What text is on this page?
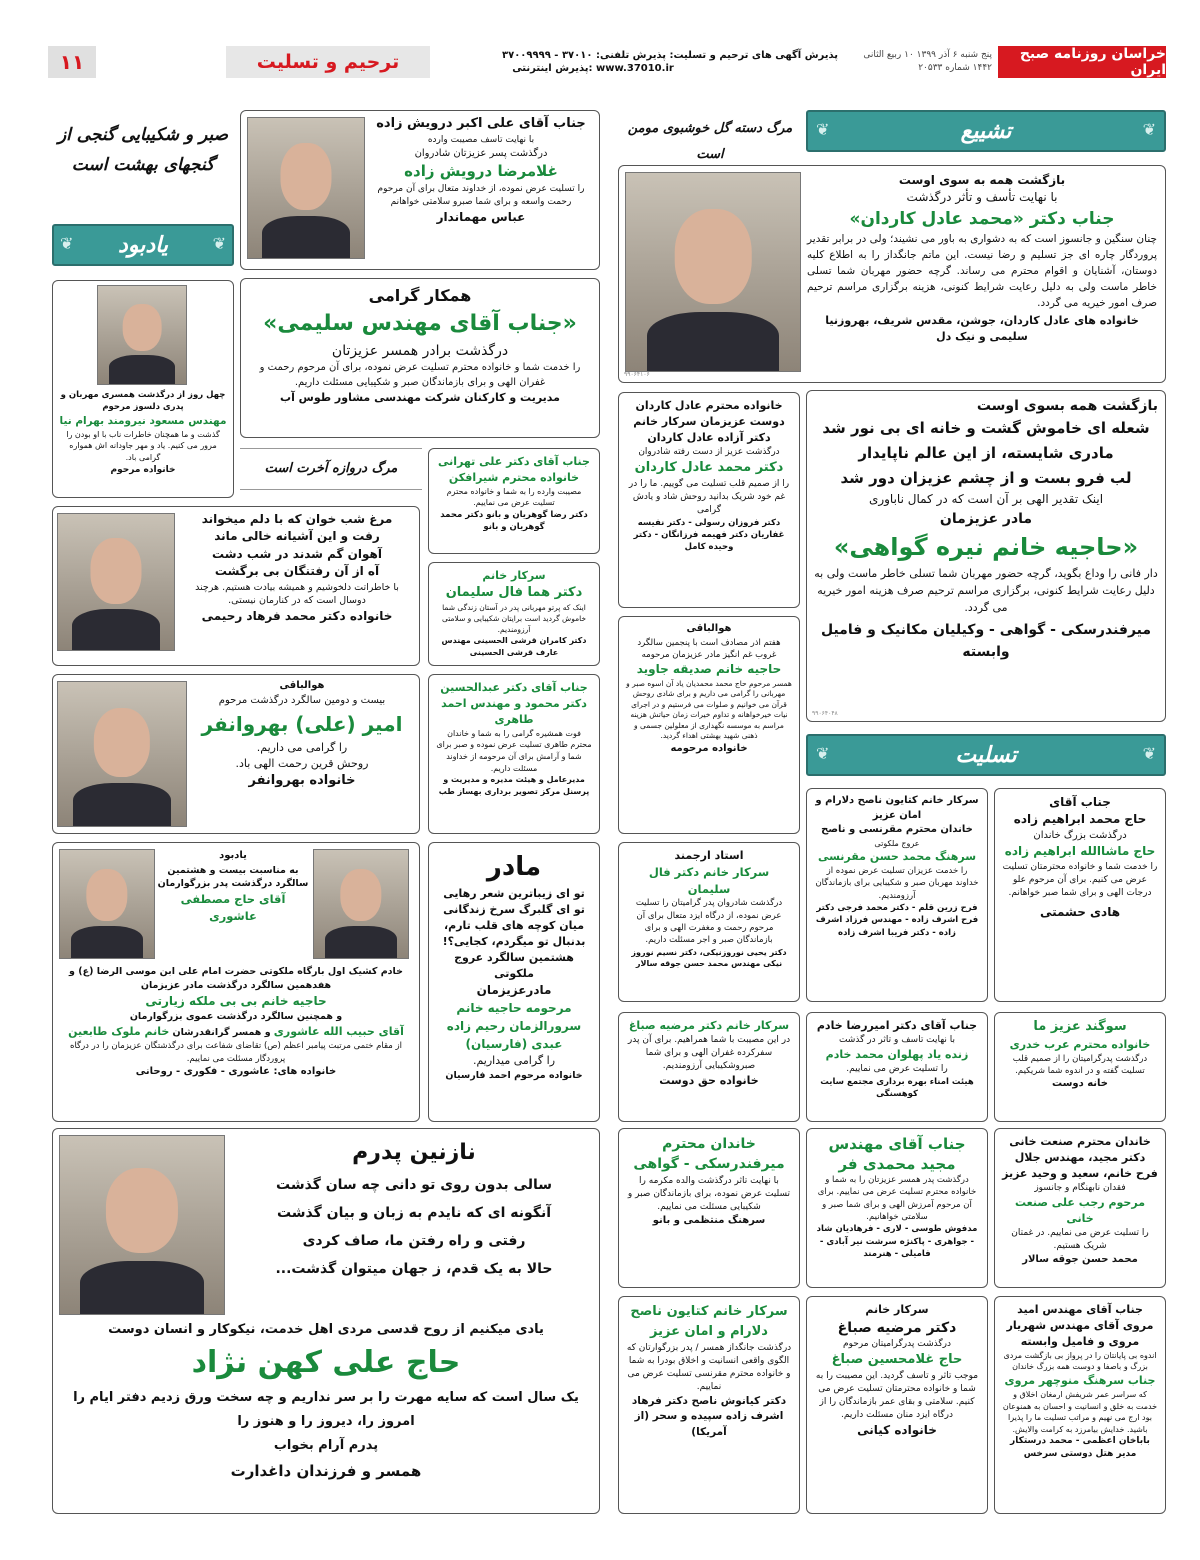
خراسان روزنامه صبح ایران
پنج شنبه ۶ آذر ۱۳۹۹ ۱۰ ربیع الثانی ۱۴۴۲ شماره ۲۰۵۳۳
پذیرش آگهی های ترحیم و تسلیت: پذیرش تلفنی: ۳۷۰۱۰ - ۳۷۰۰۹۹۹۹
پذیرش اینترنتی: www.37010.ir
ترحیم و تسلیت
۱۱
❦	تشییع	❦
مرگ دسته گل خوشبوی مومن است

بازگشت همه به سوی اوست

با نهایت تأسف و تأثر درگذشت

جناب دکتر «محمد عادل کاردان»

چنان سنگین و جانسوز است که به دشواری به باور می نشیند؛ ولی در برابر تقدیر پروردگار چاره ای جز تسلیم و رضا نیست. این ماتم جانگداز را به اطلاع کلیه دوستان، آشنایان و اقوام محترم می رساند. گرچه حضور مهربان شما تسلی خاطر ماست ولی به دلیل رعایت شرایط کنونی، هزینه برگزاری مراسم ترحیم صرف امور خیریه می گردد.

خانواده های عادل کاردان، جوشن، مقدس شریف، بهروزنیا سلیمی و نیک دل

۹۹۰۶۴۱۰۶

بازگشت همه بسوی اوست

شعله ای خاموش گشت و خانه ای بی نور شد

مادری شایسته، از این عالم ناپایدار

لب فرو بست و از چشم عزیزان دور شد

اینک تقدیر الهی بر آن است که در کمال ناباوری

مادر عزیزمان

«حاجیه خانم نیره گواهی»

دار فانی را وداع بگوید، گرچه حضور مهربان شما تسلی خاطر ماست ولی به دلیل رعایت شرایط کنونی، برگزاری مراسم ترحیم صرف هزینه امور خیریه می گردد.

میرفندرسکی - گواهی - وکیلیان مکانیک و فامیل وابسته

۹۹۰۶۴۰۴۸
❦	تسلیت	❦

جناب آقای

حاج محمد ابراهیم زاده

درگذشت بزرگ خاندان

حاج ماشاالله ابراهیم زاده

را خدمت شما و خانواده محترمتان تسلیت عرض می کنیم. برای آن مرحوم علو درجات الهی و برای شما صبر خواهانم.

هادی حشمتی

سرکار خانم کتایون ناصح دلارام و امان عزیز

خاندان محترم مقرنسی و ناصح

عروج ملکوتی

سرهنگ محمد حسن مقرنسی

را خدمت عزیزان تسلیت عرض نموده از خداوند مهربان صبر و شکیبایی برای بازماندگان آرزومندیم.

فرح زرین قلم - دکتر محمد فرجی دکتر فرح اشرف زاده - مهندس فرزاد اشرف زاده - دکتر فریبا اشرف زاده

سوگند عزیز ما

خانواده محترم عرب خدری

درگذشت پدرگرامیتان را از صمیم قلب تسلیت گفته و در اندوه شما شریکیم.

خانه دوست

جناب آقای دکتر امیررضا خادم

با نهایت تاسف و تاثر در گذشت

زنده یاد پهلوان محمد خادم

را تسلیت عرض می نماییم.

هیئت امناء بهره برداری مجتمع سایت کوهسنگی

خاندان محترم صنعت خانی

دکتر مجید، مهندس جلال فرح خانم، سعید و وحید عزیز

فقدان نابهنگام و جانسوز

مرحوم رجب علی صنعت خانی

را تسلیت عرض می نماییم. در غمتان شریک هستیم.

محمد حسن جوقه سالار

جناب آقای مهندس مجید محمدی فر

درگذشت پدر همسر عزیزتان را به شما و خانواده محترم تسلیت عرض می نماییم. برای آن مرحوم آمرزش الهی و برای شما صبر و سلامتی خواهانیم.

مدفوش طوسی - لاری - فرهادیان شاد - جواهری - پاکنژه سرشت نیر آبادی - فامیلی - هنرمند

جناب آقای مهندس امید مروی آقای مهندس شهریار مروی و فامیل وابسته

اندوه بی پایانتان را در پرواز بی بازگشت مردی بزرگ و باصفا و دوست همه بزرگ خاندان

جناب سرهنگ منوچهر مروی

که سراسر عمر شریفش ارمغان اخلاق و خدمت به خلق و انسانیت و احسان به همنوعان بود ارج می نهیم و مراتب تسلیت ما را پذیرا باشید. خدایش بیامرزد به کرامت والایش.

باباخان اعظمی - محمد درستکار مدیر هتل دوستی سرخس

سرکار خانم

دکتر مرضیه صباغ

درگذشت پدرگرامیتان مرحوم

حاج غلامحسین صباغ

موجب تاثر و تاسف گردید. این مصیبت را به شما و خانواده محترمتان تسلیت عرض می کنیم. سلامتی و بقای عمر بازماندگان را از درگاه ایزد منان مسئلت داریم.

خانواده کیانی

خانواده محترم عادل کاردان

دوست عزیزمان سرکار خانم دکتر آزاده عادل کاردان

درگذشت عزیز از دست رفته شادروان

دکتر محمد عادل کاردان

را از صمیم قلب تسلیت می گوییم. ما را در غم خود شریک بدانید روحش شاد و یادش گرامی

دکتر فروزان رسولی - دکتر نفیسه غفاریان دکتر فهیمه فرزانگان - دکتر وحیده کامل

هوالباقی

هفتم اذر مصادف است با پنجمین سالگرد غروب غم انگیز مادر عزیزمان مرحومه

حاجیه خانم صدیقه جاوید

همسر مرحوم حاج محمد محمدیان یاد آن اسوه صبر و مهربانی را گرامی می داریم و برای شادی روحش قرآن می خوانیم و صلوات می فرستیم و در اجرای نیات خیرخواهانه و تداوم خیرات زمان حیاتش هزینه مراسم به موسسه نگهداری از معلولین جسمی و ذهنی شهید بهشتی اهداء گردید.

خانواده مرحومه

استاد ارجمند

سرکار خانم دکتر فال سلیمان

درگذشت شادروان پدر گرامیتان را تسلیت عرض نموده، از درگاه ایزد متعال برای آن مرحوم رحمت و مغفرت الهی و برای بازماندگان صبر و اجر مسئلت داریم.

دکتر یحیی نوروزنیکی، دکتر نسیم نوروز نیکی مهندس محمد حسن جوقه سالار

سرکار خانم دکتر مرضیه صباغ

در این مصیبت با شما همراهیم. برای آن پدر سفرکرده غفران الهی و برای شما صبروشکیبایی آرزومندیم.

خانواده حق دوست

خاندان محترم

میرفندرسکی - گواهی

با نهایت تاثر درگذشت والده مکرمه را تسلیت عرض نموده، برای بازماندگان صبر و شکیبایی مسئلت می نماییم.

سرهنگ منتظمی و بانو

سرکار خانم کتایون ناصح دلارام و امان عزیز

درگذشت جانگداز همسر / پدر بزرگوارتان که الگوی واقعی انسانیت و اخلاق بودرا به شما و خانواده محترم مقرنسی تسلیت عرض می نماییم.

دکتر کیانوش ناصح دکتر فرهاد اشرف زاده سپیده و سحر (از آمریکا)

جناب آقای علی اکبر درویش زاده

با نهایت تاسف مصیبت وارده

درگذشت پسر عزیزتان شادروان

غلامرضا درویش زاده

را تسلیت عرض نموده، از خداوند متعال برای آن مرحوم رحمت واسعه و برای شما صبرو سلامتی خواهانم

عباس مهماندار

همکار گرامی

«جناب آقای مهندس سلیمی»

درگذشت برادر همسر عزیزتان

را خدمت شما و خانواده محترم تسلیت عرض نموده، برای آن مرحوم رحمت و غفران الهی و برای بازماندگان صبر و شکیبایی مسئلت داریم.

مدیریت و کارکنان شرکت مهندسی مشاور طوس آب

مرگ دروازه آخرت است	جناب آقای دکتر علی تهرانی

خانواده محترم شیرافکن

مصیبت وارده را به شما و خانواده محترم تسلیت عرض می نماییم.

دکتر رضا گوهریان و بانو دکتر محمد گوهریان و بانو

سرکار خانم

دکتر هما فال سلیمان

اینک که پرتو مهربانی پدر در آستان زندگی شما خاموش گردید است برایتان شکیبایی و سلامتی آرزومندیم.

دکتر کامران قرشی الحسینی مهندس عارف قرشی الحسینی

جناب آقای دکتر عبدالحسین

دکتر محمود و مهندس احمد طاهری

فوت همشیره گرامی را به شما و خاندان محترم طاهری تسلیت عرض نموده و صبر برای شما و آرامش برای آن مرحومه از خداوند مسئلت داریم.

مدیرعامل و هیئت مدیره و مدیریت و پرسنل مرکز تصویر برداری بهساز طب

مادر

تو ای زیباترین شعر رهایی

تو ای گلبرگ سرخ زندگانی

میان کوچه های قلب تارم،

بدنبال تو میگردم، کجایی؟!

هشتمین سالگرد عروج ملکوتی

مادرعزیزمان

مرحومه حاجیه خانم سرورالزمان رحیم زاده عبدی (فارسیان)

را گرامی میداریم.

خانواده مرحوم احمد فارسیان

صبر و شکیبایی گنجی از گنجهای بهشت است
❦ یادبود	❦

چهل روز از درگذشت همسری مهربان و پدری دلسوز مرحوم

مهندس مسعود نیرومند بهرام نیا

گذشت و ما همچنان خاطرات ناب با او بودن را مرور می کنیم. یاد و مهر جاودانه اش همواره گرامی باد.

خانواده مرحوم

مرغ شب خوان که با دلم میخواند

رفت و این آشیانه خالی ماند

آهوان گم شدند در شب دشت

آه از آن رفتنگان بی برگشت

با خاطراتت دلخوشیم و همیشه بیادت هستیم. هرچند دوسال است که در کنارمان نیستی.

خانواده دکتر محمد فرهاد رحیمی

هوالباقی

بیست و دومین سالگرد درگذشت مرحوم

امیر (علی) بهروانفر

را گرامی می داریم.

روحش قرین رحمت الهی باد.

خانواده بهروانفر

یادبود

به مناسبت بیست و هشتمین سالگرد درگذشت پدر بزرگوارمان

آقای حاج مصطفی عاشوری

خادم کشیک اول بارگاه ملکوتی حضرت امام علی ابن موسی الرضا (ع) و هفدهمین سالگرد درگذشت مادر عزیزمان

حاجیه خانم بی بی ملکه زیارتی

و همچنین سالگرد درگذشت عموی بزرگوارمان

آقای حبیب الله عاشوری و همسر گرانقدرشان خانم ملوک طابعین

از مقام ختمی مرتبت پیامبر اعظم (ص) تقاضای شفاعت برای درگذشتگان عزیزمان را در درگاه پروردگار مسئلت می نماییم.

خانواده های: عاشوری - فکوری - روحانی

نازنین پدرم

سالی بدون روی تو دانی چه سان گذشت

آنگونه ای که نایدم به زبان و بیان گذشت

رفتی و راه رفتن ما، صاف کردی

حالا به یک قدم، ز جهان میتوان گذشت...

یادی میکنیم از روح قدسی مردی اهل خدمت، نیکوکار و انسان دوست

حاج علی کهن نژاد

یک سال است که سایه مهرت را بر سر نداریم و چه سخت ورق زدیم دفتر ایام را

امروز را، دیروز را و هنوز را

پدرم آرام بخواب

همسر و فرزندان داغدارت
